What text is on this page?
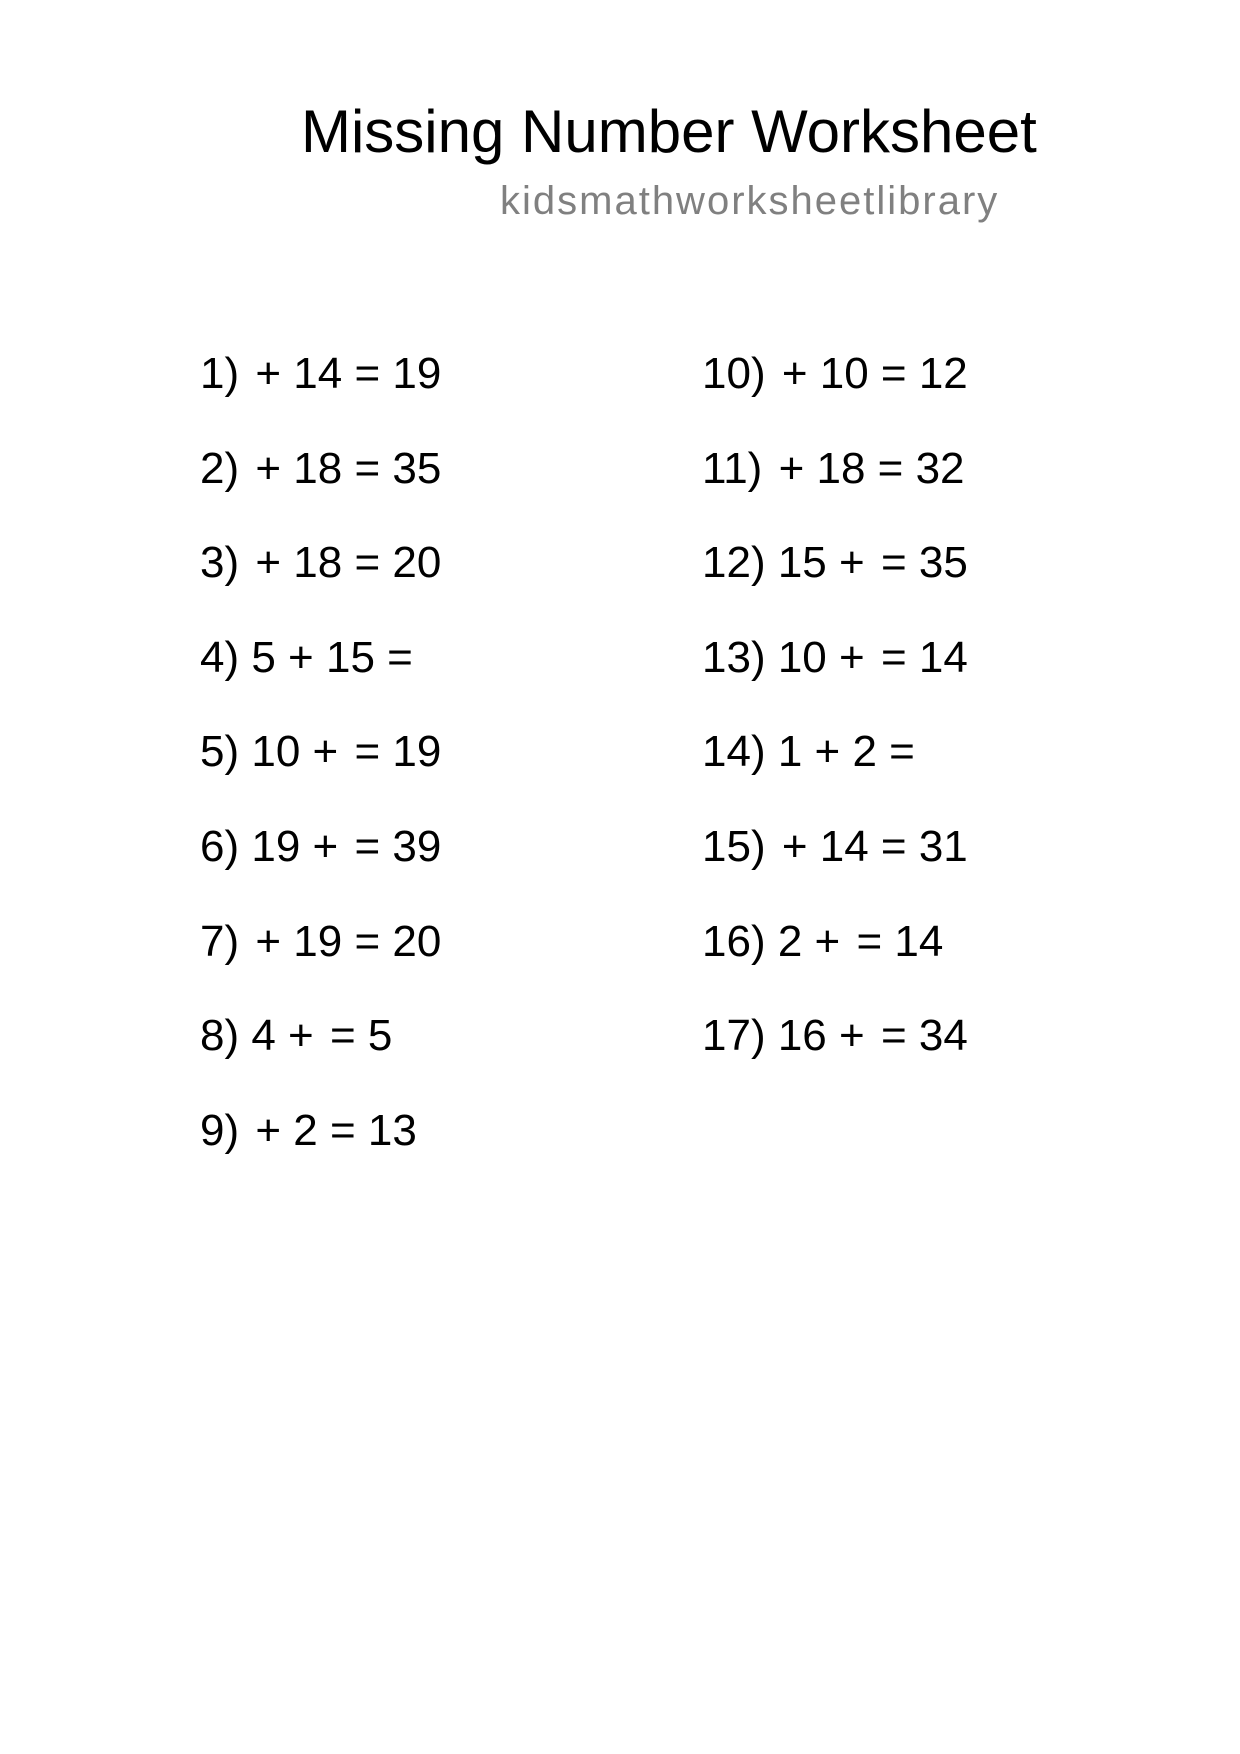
Missing Number Worksheet
kidsmathworksheetlibrary
1) + 14 = 19
2) + 18 = 35
3) + 18 = 20
4) 5 + 15 =
5) 10 + = 19
6) 19 + = 39
7) + 19 = 20
8) 4 + = 5
9) + 2 = 13
10) + 10 = 12
11) + 18 = 32
12) 15 + = 35
13) 10 + = 14
14) 1 + 2 =
15) + 14 = 31
16) 2 + = 14
17) 16 + = 34
